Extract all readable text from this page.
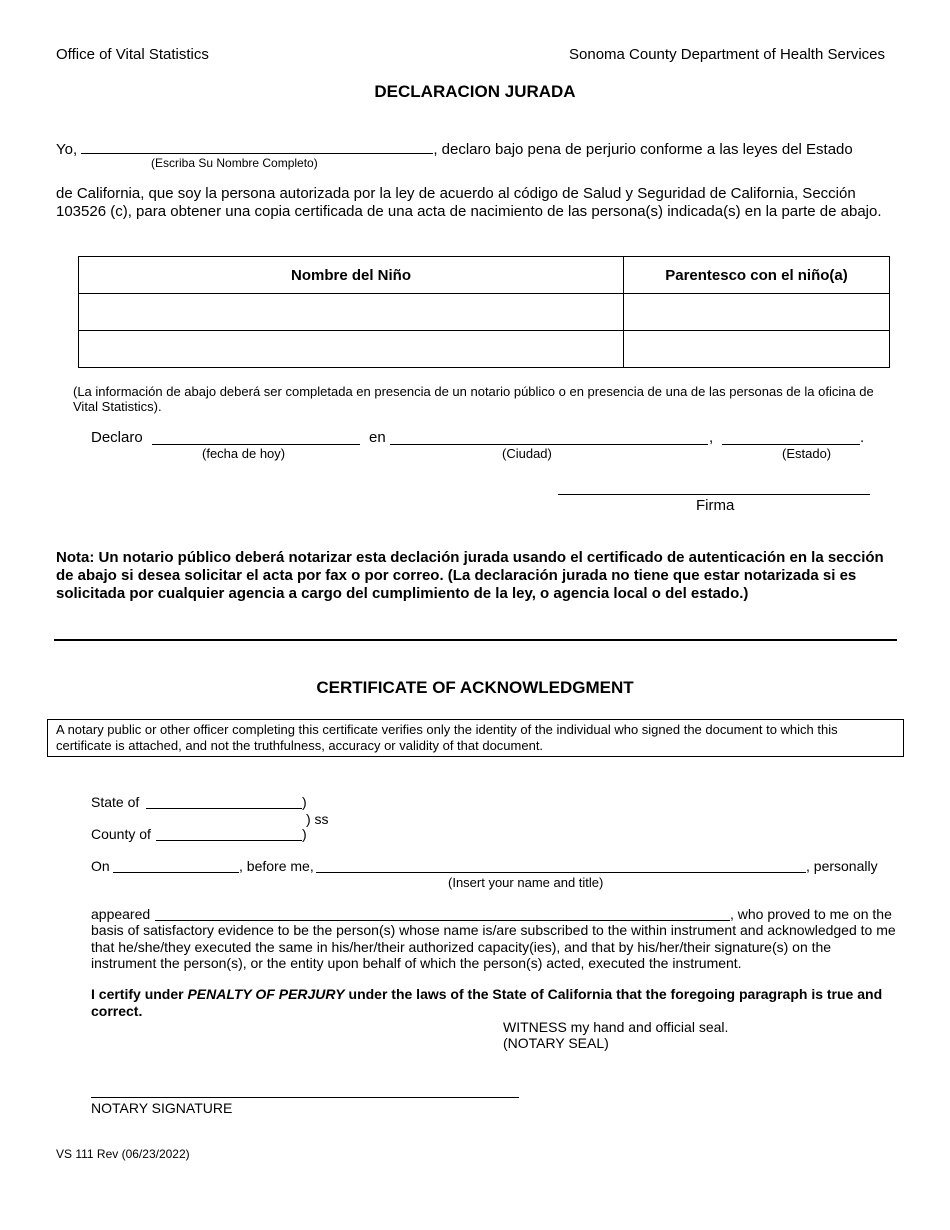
Office of Vital Statistics	Sonoma County Department of Health Services
DECLARACION JURADA
Yo,	, declaro bajo pena de perjurio conforme a las leyes del Estado
(Escriba Su Nombre Completo)
de California, que soy la persona autorizada por la ley de acuerdo al código de Salud y Seguridad de California, Sección 103526 (c), para obtener una copia certificada de una acta de nacimiento de las persona(s) indicada(s) en la parte de abajo.
Nombre del Niño	Parentesco con el niño(a)

(La información de abajo deberá ser completada en presencia de un notario público o en presencia de una de las personas de la oficina de Vital Statistics).
Declaro	en	,	.
(fecha de hoy)	(Ciudad)	(Estado)
Firma
Nota: Un notario público deberá notarizar esta declación jurada usando el certificado de autenticación en la sección de abajo si desea solicitar el acta por fax o por correo. (La declaración jurada no tiene que estar notarizada si es solicitada por cualquier agencia a cargo del cumplimiento de la ley, o agencia local o del estado.)
CERTIFICATE OF ACKNOWLEDGMENT
A notary public or other officer completing this certificate verifies only the identity of the individual who signed the document to which this certificate is attached, and not the truthfulness, accuracy or validity of that document.
State of	)
) ss
County of	)
On	, before me,	, personally
(Insert your name and title)
appeared	, who proved to me on the
basis of satisfactory evidence to be the person(s) whose name is/are subscribed to the within instrument and acknowledged to me that he/she/they executed the same in his/her/their authorized capacity(ies), and that by his/her/their signature(s) on the instrument the person(s), or the entity upon behalf of which the person(s) acted, executed the instrument.
I certify under PENALTY OF PERJURY under the laws of the State of California that the foregoing paragraph is true and correct.
WITNESS my hand and official seal.
(NOTARY SEAL)
NOTARY SIGNATURE
VS 111 Rev (06/23/2022)
